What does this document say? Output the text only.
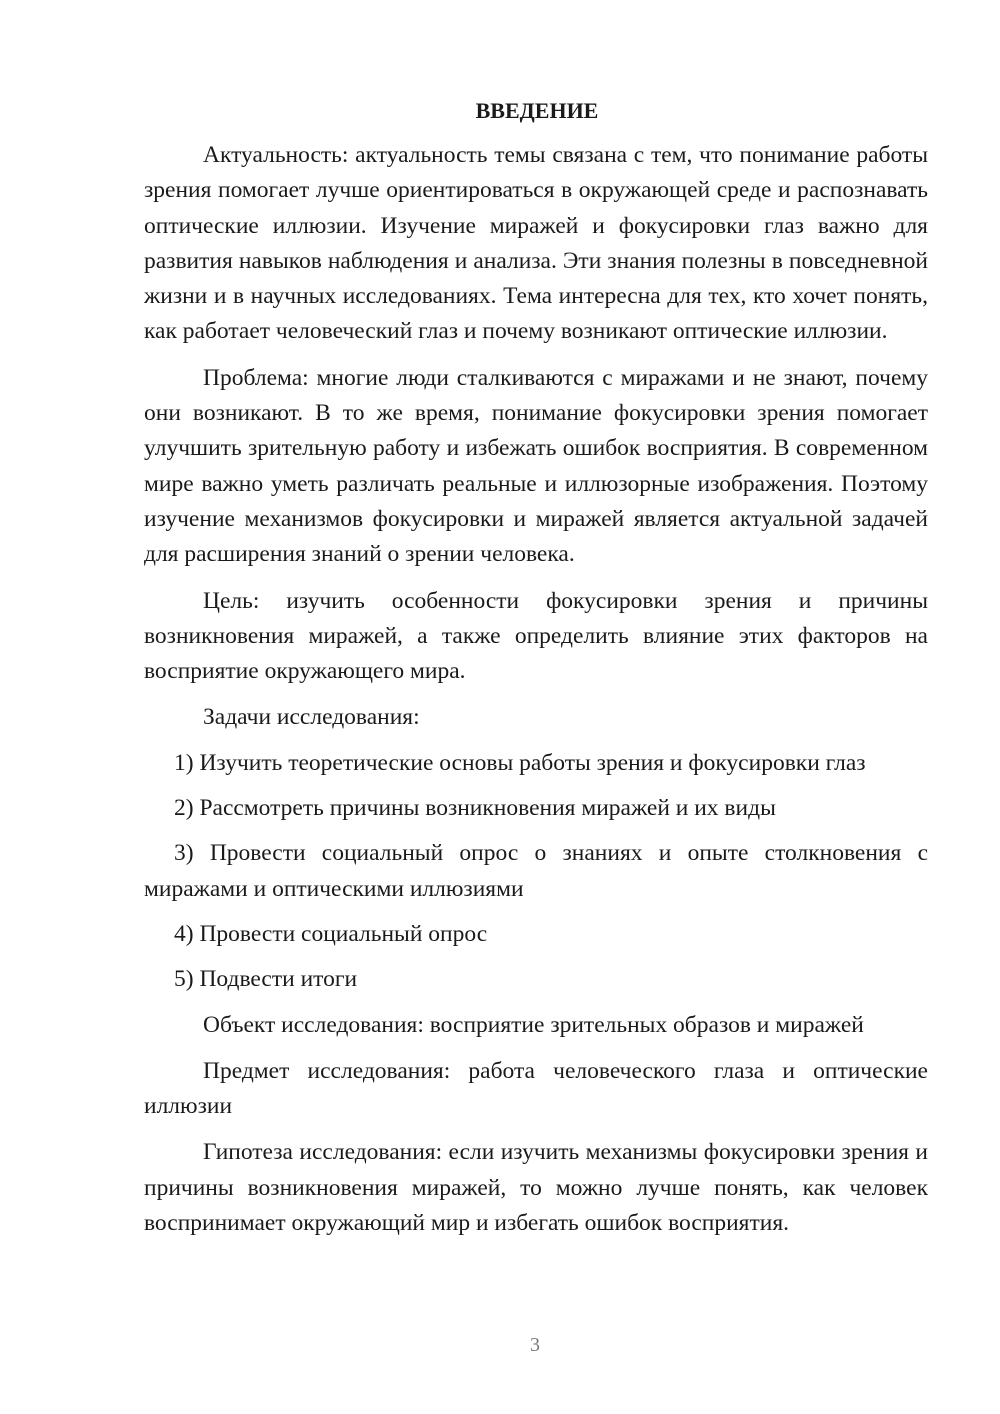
ВВЕДЕНИЕ

Актуальность: актуальность темы связана с тем, что понимание работы зрения помогает лучше ориентироваться в окружающей среде и распознавать оптические иллюзии. Изучение миражей и фокусировки глаз важно для развития навыков наблюдения и анализа. Эти знания полезны в повседневной жизни и в научных исследованиях. Тема интересна для тех, кто хочет понять, как работает человеческий глаз и почему возникают оптические иллюзии.

Проблема: многие люди сталкиваются с миражами и не знают, почему они возникают. В то же время, понимание фокусировки зрения помогает улучшить зрительную работу и избежать ошибок восприятия. В современном мире важно уметь различать реальные и иллюзорные изображения. Поэтому изучение механизмов фокусировки и миражей является актуальной задачей для расширения знаний о зрении человека.

Цель: изучить особенности фокусировки зрения и причины возникновения миражей, а также определить влияние этих факторов на восприятие окружающего мира.

Задачи исследования:

1) Изучить теоретические основы работы зрения и фокусировки глаз

2) Рассмотреть причины возникновения миражей и их виды

3) Провести социальный опрос о знаниях и опыте столкновения с миражами и оптическими иллюзиями

4) Провести социальный опрос

5) Подвести итоги

Объект исследования: восприятие зрительных образов и миражей

Предмет исследования: работа человеческого глаза и оптические иллюзии

Гипотеза исследования: если изучить механизмы фокусировки зрения и причины возникновения миражей, то можно лучше понять, как человек воспринимает окружающий мир и избегать ошибок восприятия.

3
